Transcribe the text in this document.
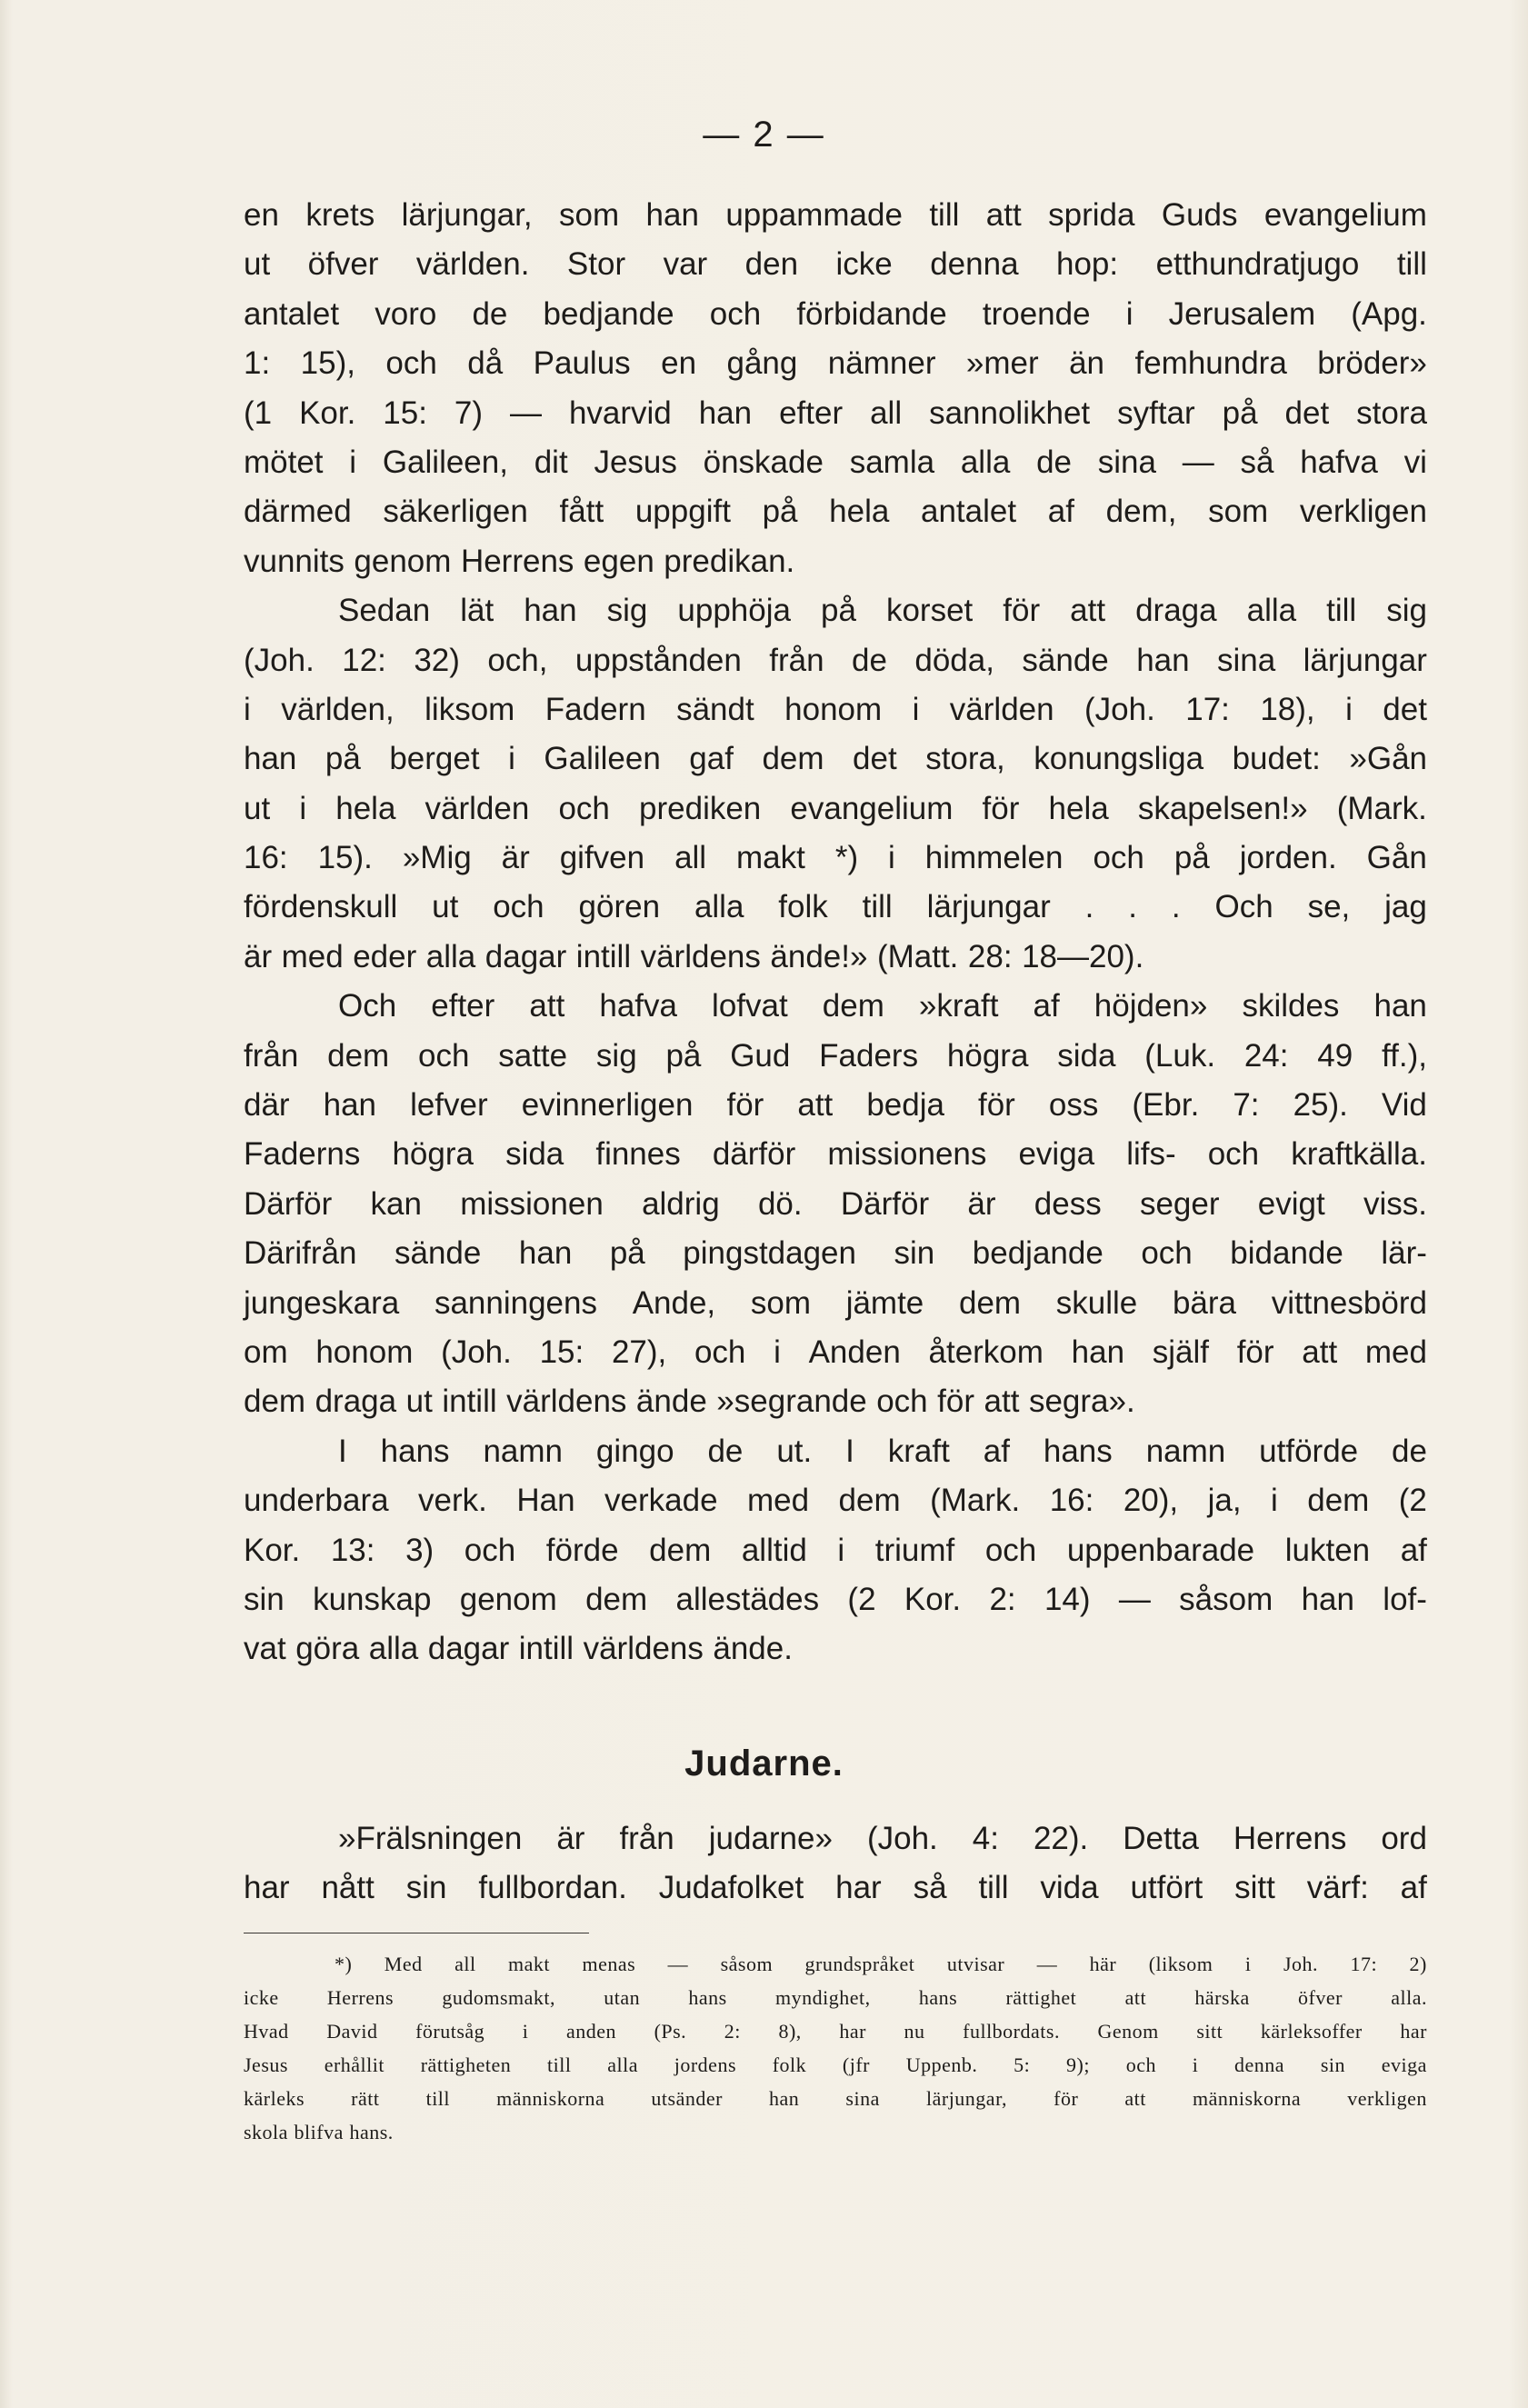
— 2 —
en krets lärjungar, som han uppammade till att sprida Guds evangelium
ut öfver världen. Stor var den icke denna hop: etthundratjugo till
antalet voro de bedjande och förbidande troende i Jerusalem (Apg.
1: 15), och då Paulus en gång nämner »mer än femhundra bröder»
(1 Kor. 15: 7) — hvarvid han efter all sannolikhet syftar på det stora
mötet i Galileen, dit Jesus önskade samla alla de sina — så hafva vi
därmed säkerligen fått uppgift på hela antalet af dem, som verkligen
vunnits genom Herrens egen predikan.
Sedan lät han sig upphöja på korset för att draga alla till sig
(Joh. 12: 32) och, uppstånden från de döda, sände han sina lärjungar
i världen, liksom Fadern sändt honom i världen (Joh. 17: 18), i det
han på berget i Galileen gaf dem det stora, konungsliga budet: »Gån
ut i hela världen och prediken evangelium för hela skapelsen!» (Mark.
16: 15). »Mig är gifven all makt *) i himmelen och på jorden. Gån
fördenskull ut och gören alla folk till lärjungar . . . Och se, jag
är med eder alla dagar intill världens ände!» (Matt. 28: 18—20).
Och efter att hafva lofvat dem »kraft af höjden» skildes han
från dem och satte sig på Gud Faders högra sida (Luk. 24: 49 ff.),
där han lefver evinnerligen för att bedja för oss (Ebr. 7: 25). Vid
Faderns högra sida finnes därför missionens eviga lifs- och kraftkälla.
Därför kan missionen aldrig dö. Därför är dess seger evigt viss.
Därifrån sände han på pingstdagen sin bedjande och bidande lär-
jungeskara sanningens Ande, som jämte dem skulle bära vittnesbörd
om honom (Joh. 15: 27), och i Anden återkom han själf för att med
dem draga ut intill världens ände »segrande och för att segra».
I hans namn gingo de ut. I kraft af hans namn utförde de
underbara verk. Han verkade med dem (Mark. 16: 20), ja, i dem (2
Kor. 13: 3) och förde dem alltid i triumf och uppenbarade lukten af
sin kunskap genom dem allestädes (2 Kor. 2: 14) — såsom han lof-
vat göra alla dagar intill världens ände.
Judarne.
»Frälsningen är från judarne» (Joh. 4: 22). Detta Herrens ord
har nått sin fullbordan. Judafolket har så till vida utfört sitt värf: af
*) Med all makt menas — såsom grundspråket utvisar — här (liksom i Joh. 17: 2)
icke Herrens gudomsmakt, utan hans myndighet, hans rättighet att härska öfver alla.
Hvad David förutsåg i anden (Ps. 2: 8), har nu fullbordats. Genom sitt kärleksoffer har
Jesus erhållit rättigheten till alla jordens folk (jfr Uppenb. 5: 9); och i denna sin eviga
kärleks rätt till människorna utsänder han sina lärjungar, för att människorna verkligen
skola blifva hans.
